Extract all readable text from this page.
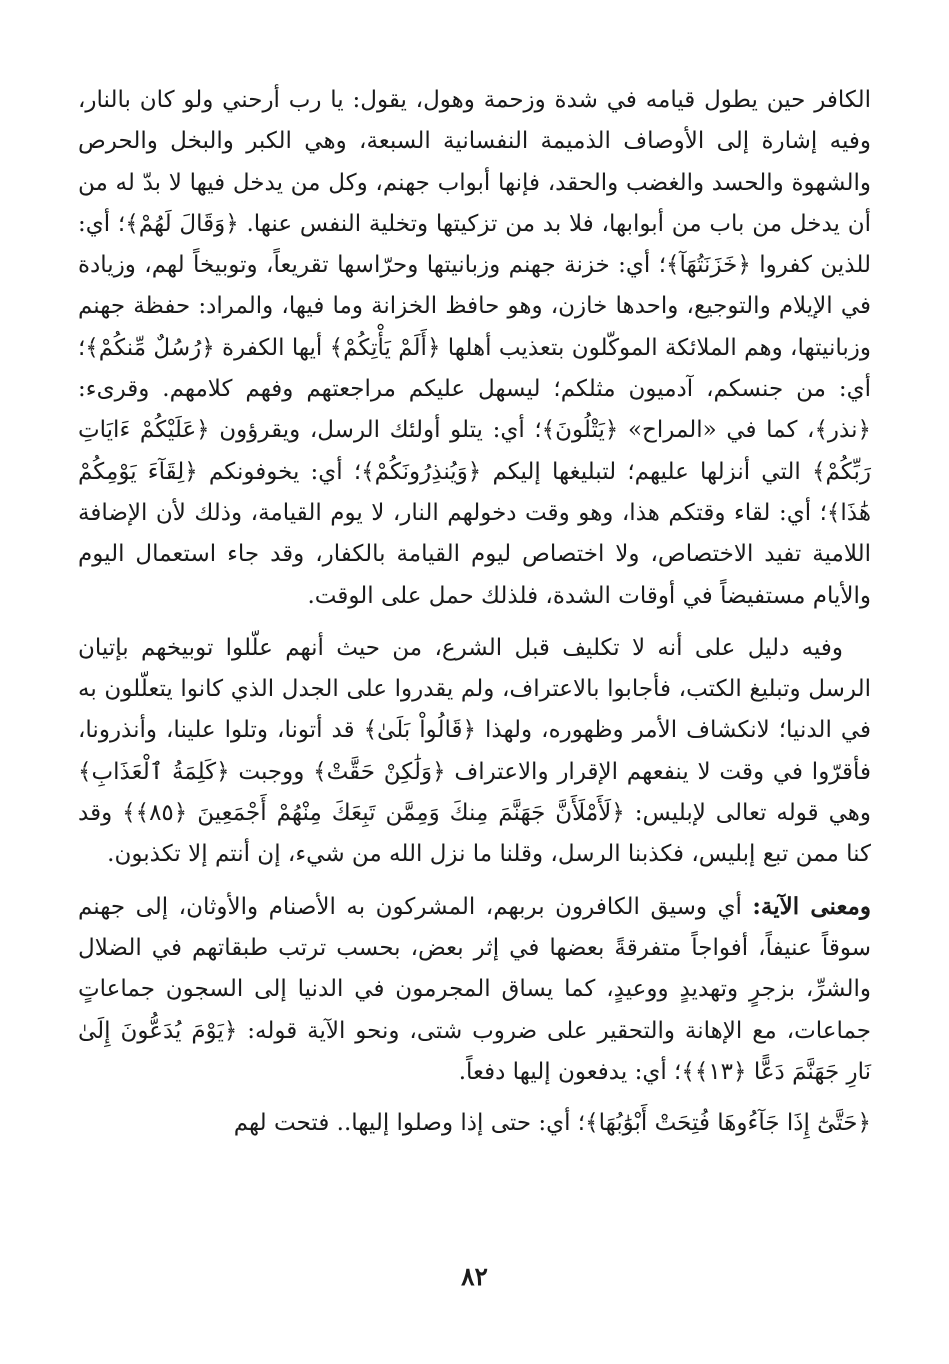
الكافر حين يطول قيامه في شدة وزحمة وهول، يقول: يا رب أرحني ولو كان بالنار، وفيه إشارة إلى الأوصاف الذميمة النفسانية السبعة، وهي الكبر والبخل والحرص والشهوة والحسد والغضب والحقد، فإنها أبواب جهنم، وكل من يدخل فيها لا بدّ له من أن يدخل من باب من أبوابها، فلا بد من تزكيتها وتخلية النفس عنها. ﴿وَقَالَ لَهُمْ﴾؛ أي: للذين كفروا ﴿خَزَنَتُهَآ﴾؛ أي: خزنة جهنم وزبانيتها وحرّاسها تقريعاً، وتوبيخاً لهم، وزيادة في الإيلام والتوجيع، واحدها خازن، وهو حافظ الخزانة وما فيها، والمراد: حفظة جهنم وزبانيتها، وهم الملائكة الموكّلون بتعذيب أهلها ﴿أَلَمْ يَأْتِكُمْ﴾ أيها الكفرة ﴿رُسُلٌ مِّنكُمْ﴾؛ أي: من جنسكم، آدميون مثلكم؛ ليسهل عليكم مراجعتهم وفهم كلامهم. وقرىء: ﴿نذر﴾، كما في «المراح» ﴿يَتْلُونَ﴾؛ أي: يتلو أولئك الرسل، ويقرؤون ﴿عَلَيْكُمْ ءَايَاتِ رَبِّكُمْ﴾ التي أنزلها عليهم؛ لتبليغها إليكم ﴿وَيُنذِرُونَكُمْ﴾؛ أي: يخوفونكم ﴿لِقَآءَ يَوْمِكُمْ هَٰذَا﴾؛ أي: لقاء وقتكم هذا، وهو وقت دخولهم النار، لا يوم القيامة، وذلك لأن الإضافة اللامية تفيد الاختصاص، ولا اختصاص ليوم القيامة بالكفار، وقد جاء استعمال اليوم والأيام مستفيضاً في أوقات الشدة، فلذلك حمل على الوقت.

وفيه دليل على أنه لا تكليف قبل الشرع، من حيث أنهم علّلوا توبيخهم بإتيان الرسل وتبليغ الكتب، فأجابوا بالاعتراف، ولم يقدروا على الجدل الذي كانوا يتعلّلون به في الدنيا؛ لانكشاف الأمر وظهوره، ولهذا ﴿قَالُواْ بَلَىٰ﴾ قد أتونا، وتلوا علينا، وأنذرونا، فأقرّوا في وقت لا ينفعهم الإقرار والاعتراف ﴿وَلَٰكِنْ حَقَّتْ﴾ ووجبت ﴿كَلِمَةُ ٱلْعَذَابِ﴾ وهي قوله تعالى لإبليس: ﴿لَأَمْلَأَنَّ جَهَنَّمَ مِنكَ وَمِمَّن تَبِعَكَ مِنْهُمْ أَجْمَعِينَ ﴿٨٥﴾﴾ وقد كنا ممن تبع إبليس، فكذبنا الرسل، وقلنا ما نزل الله من شيء، إن أنتم إلا تكذبون.

ومعنى الآية: أي وسيق الكافرون بربهم، المشركون به الأصنام والأوثان، إلى جهنم سوقاً عنيفاً، أفواجاً متفرقةً بعضها في إثر بعض، بحسب ترتب طبقاتهم في الضلال والشرِّ، بزجرٍ وتهديدٍ ووعيدٍ، كما يساق المجرمون في الدنيا إلى السجون جماعاتٍ جماعات، مع الإهانة والتحقير على ضروب شتى، ونحو الآية قوله: ﴿يَوْمَ يُدَعُّونَ إِلَىٰ نَارِ جَهَنَّمَ دَعًّا ﴿١٣﴾﴾؛ أي: يدفعون إليها دفعاً.

﴿حَتَّىٰٓ إِذَا جَآءُوهَا فُتِحَتْ أَبْوَٰبُهَا﴾؛ أي: حتى إذا وصلوا إليها.. فتحت لهم

٨٢
